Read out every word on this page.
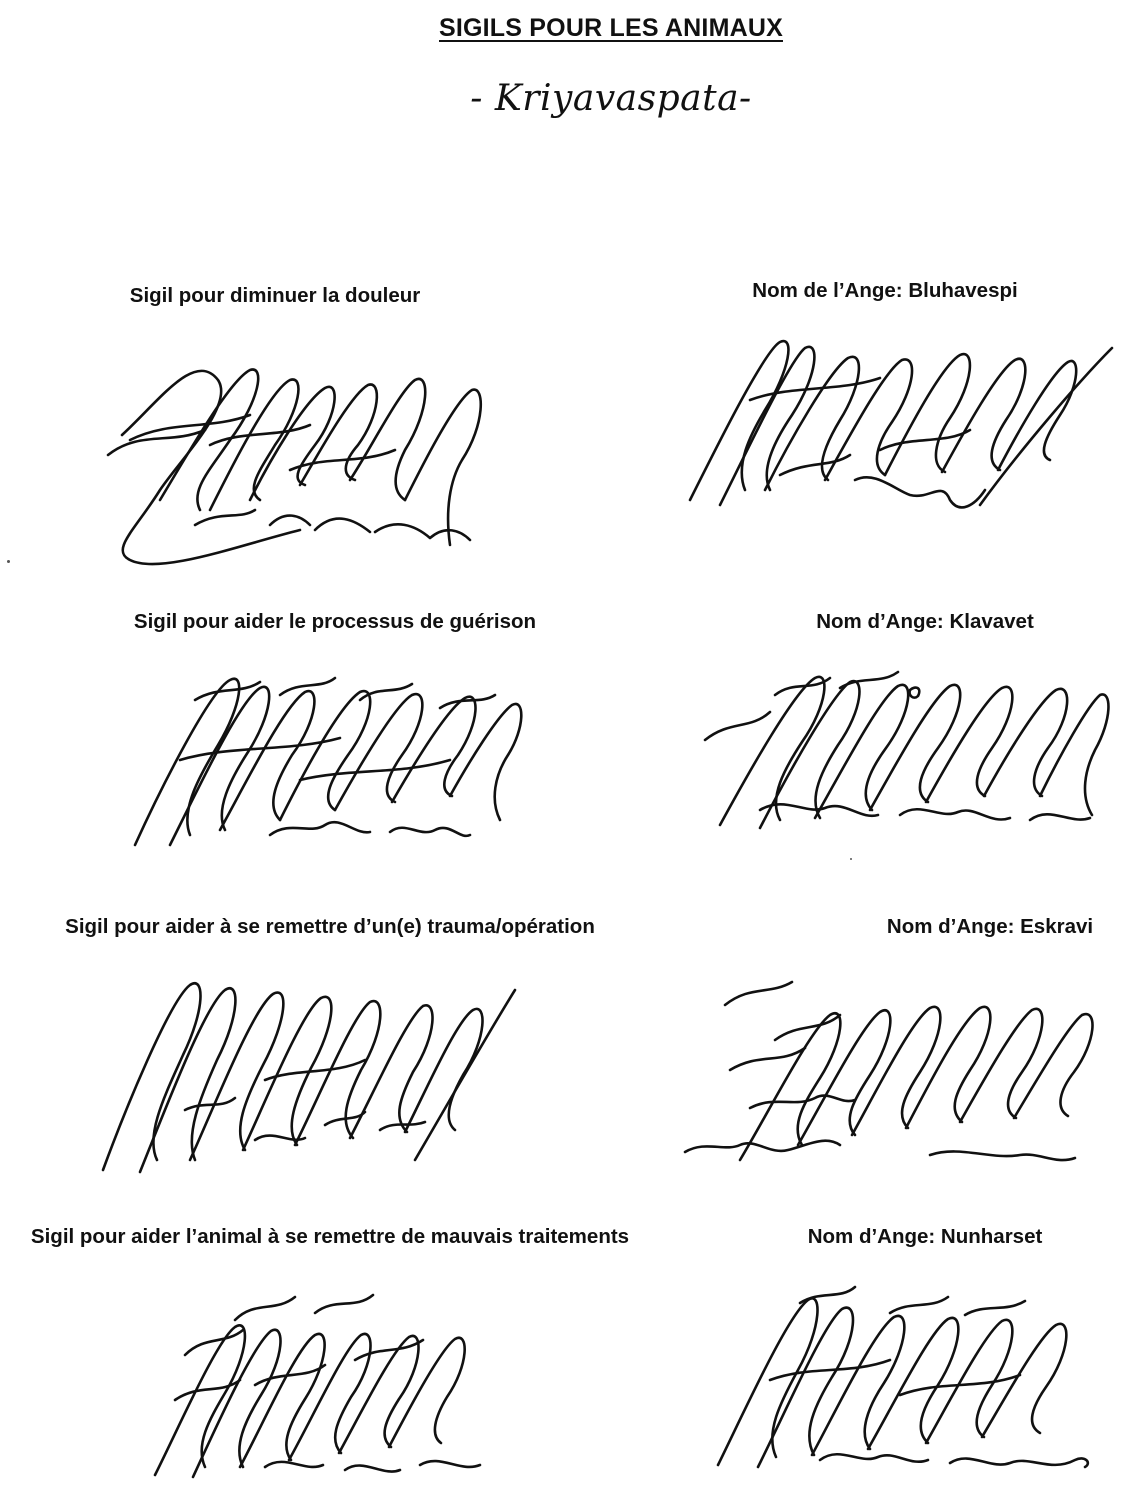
SIGILS POUR LES ANIMAUX
- Kriyavaspata-
Sigil pour diminuer la douleur	Nom de l’Ange: Bluhavespi
Sigil pour aider le processus de guérison	Nom d’Ange: Klavavet
Sigil pour aider à se remettre d’un(e) trauma/opération	Nom d’Ange: Eskravi
Sigil pour aider l’animal à se remettre de mauvais traitements	Nom d’Ange: Nunharset
